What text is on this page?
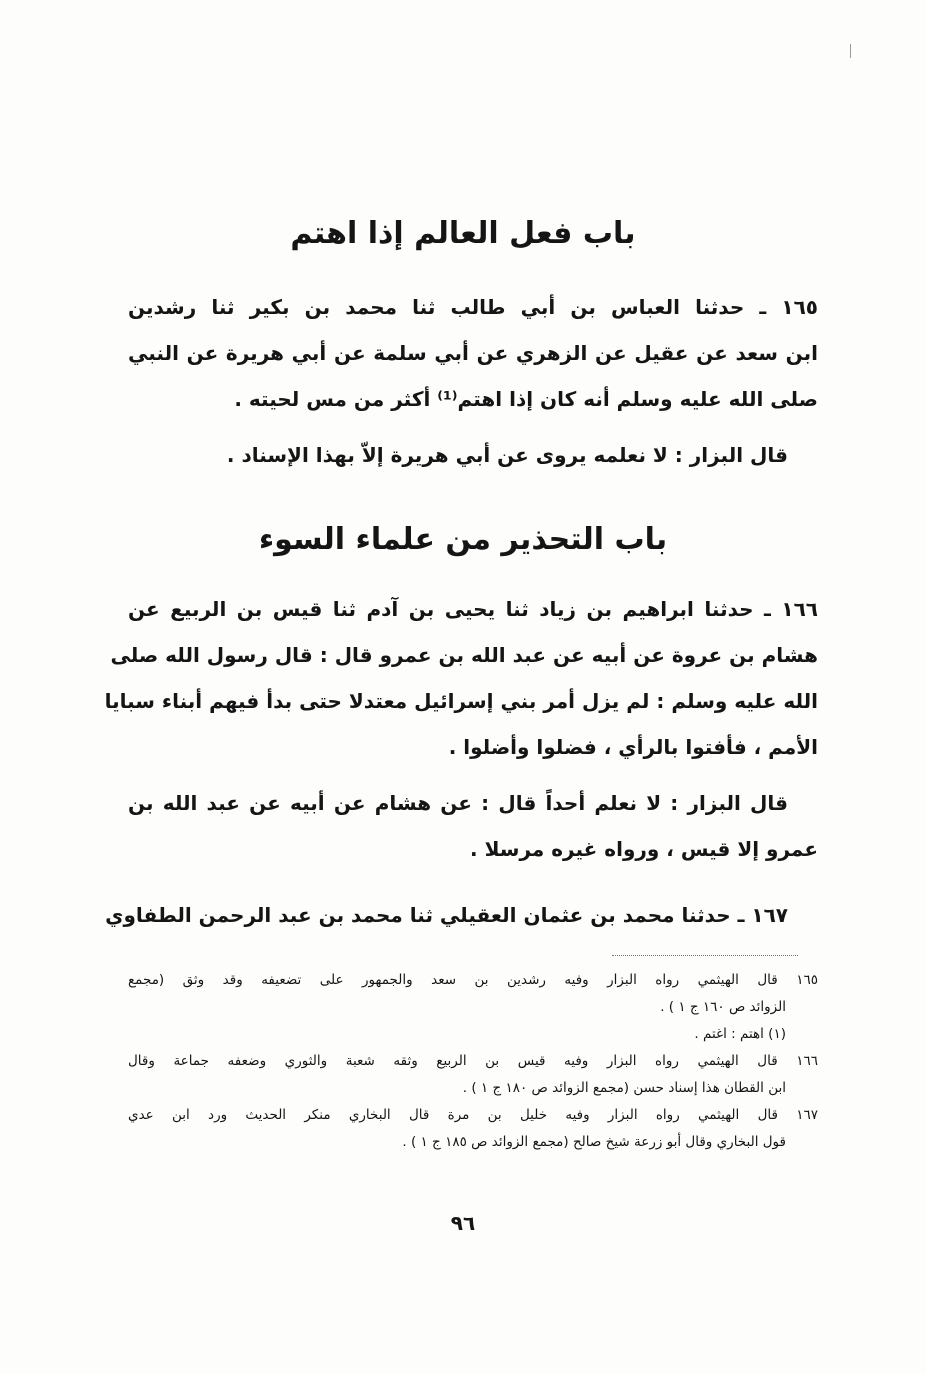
باب فعل العالم إذا اهتم
١٦٥ ـ حدثنا العباس بن أبي طالب ثنا محمد بن بكير ثنا رشدين
ابن سعد عن عقيل عن الزهري عن أبي سلمة عن أبي هريرة عن النبي
صلى الله عليه وسلم أنه كان إذا اهتم⁽¹⁾ أكثر من مس لحيته .
قال البزار : لا نعلمه يروى عن أبي هريرة إلاّ بهذا الإسناد .
باب التحذير من علماء السوء
١٦٦ ـ حدثنا ابراهيم بن زياد ثنا يحيى بن آدم ثنا قيس بن الربيع عن
هشام بن عروة عن أبيه عن عبد الله بن عمرو قال : قال رسول الله صلى
الله عليه وسلم : لم يزل أمر بني إسرائيل معتدلا حتى بدأ فيهم أبناء سبايا
الأمم ، فأفتوا بالرأي ، فضلوا وأضلوا .
قال البزار : لا نعلم أحداً قال : عن هشام عن أبيه عن عبد الله بن
عمرو إلا قيس ، ورواه غيره مرسلا .
١٦٧ ـ حدثنا محمد بن عثمان العقيلي ثنا محمد بن عبد الرحمن الطفاوي
١٦٥ قال الهيثمي رواه البزار وفيه رشدين بن سعد والجمهور على تضعيفه وقد وثق (مجمع
الزوائد ص ١٦٠ ج ١ ) .
(١) اهتم : اغتم .
١٦٦ قال الهيثمي رواه البزار وفيه قيس بن الربيع وثقه شعبة والثوري وضعفه جماعة وقال
ابن القطان هذا إسناد حسن (مجمع الزوائد ص ١٨٠ ج ١ ) .
١٦٧ قال الهيثمي رواه البزار وفيه خليل بن مرة قال البخاري منكر الحديث ورد ابن عدي
قول البخاري وقال أبو زرعة شيخ صالح (مجمع الزوائد ص ١٨٥ ج ١ ) .
٩٦
